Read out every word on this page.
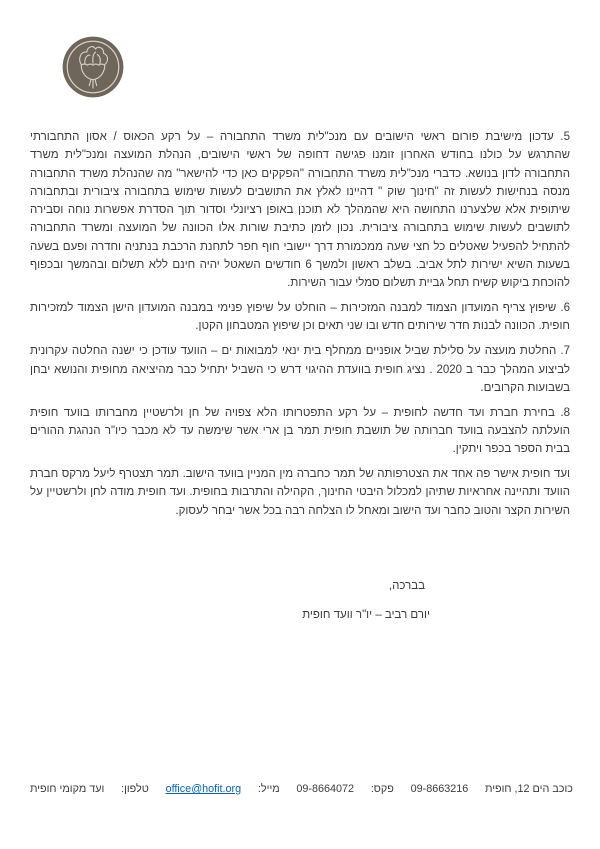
5. עדכון מישיבת פורום ראשי הישובים עם מנכ"לית משרד התחבורה – על רקע הכאוס / אסון התחבורתי
שהתרגש על כולנו בחודש האחרון זומנו פגישה דחופה של ראשי הישובים, הנהלת המועצה ומנכ"לית משרד
התחבורה לדון בנושא. כדברי מנכ"לית משרד התחבורה "הפקקים כאן כדי להישאר" מה שהנהלת משרד התחבורה
מנסה בנחישות לעשות זה "חינוך שוק " דהיינו לאלץ את התושבים לעשות שימוש בתחבורה ציבורית ובתחבורה
שיתופית אלא שלצערנו התחושה היא שהמהלך לא תוכנן באופן רציונלי וסדור תוך הסדרת אפשרות נוחה וסבירה
לתושבים לעשות שימוש בתחבורה ציבורית. נכון לזמן כתיבת שורות אלו הכוונה של המועצה ומשרד התחבורה
להתחיל להפעיל שאטלים כל חצי שעה ממכמורת דרך יישובי חוף חפר לתחנת הרכבת בנתניה וחדרה ופעם בשעה
בשעות השיא ישירות לתל אביב. בשלב ראשון ולמשך 6 חודשים השאטל יהיה חינם ללא תשלום ובהמשך ובכפוף
להוכחת ביקוש קשיח תחל גביית תשלום סמלי עבור השירות.
6. שיפוץ צריף המועדון הצמוד למבנה המזכירות – הוחלט על שיפוץ פנימי במבנה המועדון הישן הצמוד למזכירות
חופית. הכוונה לבנות חדר שירותים חדש ובו שני תאים וכן שיפוץ המטבחון הקטן.
7. החלטת מועצה על סלילת שביל אופניים ממחלף בית ינאי למבואות ים – הוועד עודכן כי ישנה החלטה עקרונית
לביצוע המהלך כבר ב 2020 . נציג חופית בוועדת ההיגוי דרש כי השביל יתחיל כבר מהיציאה מחופית והנושא יבחן
בשבועות הקרובים.
8. בחירת חברת ועד חדשה לחופית – על רקע התפטרותו הלא צפויה של חן ולרשטיין מחברותו בוועד חופית
הועלתה להצבעה בוועד חברותה של תושבת חופית תמר בן ארי אשר שימשה עד לא מכבר כיו"ר הנהגת ההורים
בבית הספר בכפר ויתקין.
ועד חופית אישר פה אחד את הצטרפותה של תמר כחברה מין המניין בוועד הישוב. תמר תצטרף ליעל מרקס חברת
הוועד ותהיינה אחראיות שתיהן למכלול היבטי החינוך, הקהילה והתרבות בחופית. ועד חופית מודה לחן ולרשטיין על
השירות הקצר והטוב כחבר ועד הישוב ומאחל לו הצלחה רבה בכל אשר יבחר לעסוק.
בברכה,
יורם רביב – יו"ר וועד חופית
ועד מקומי חופית טלפון: office@hofit.org מייל: 09-8664072 פקס: 09-8663216 כוכב הים 12, חופית
